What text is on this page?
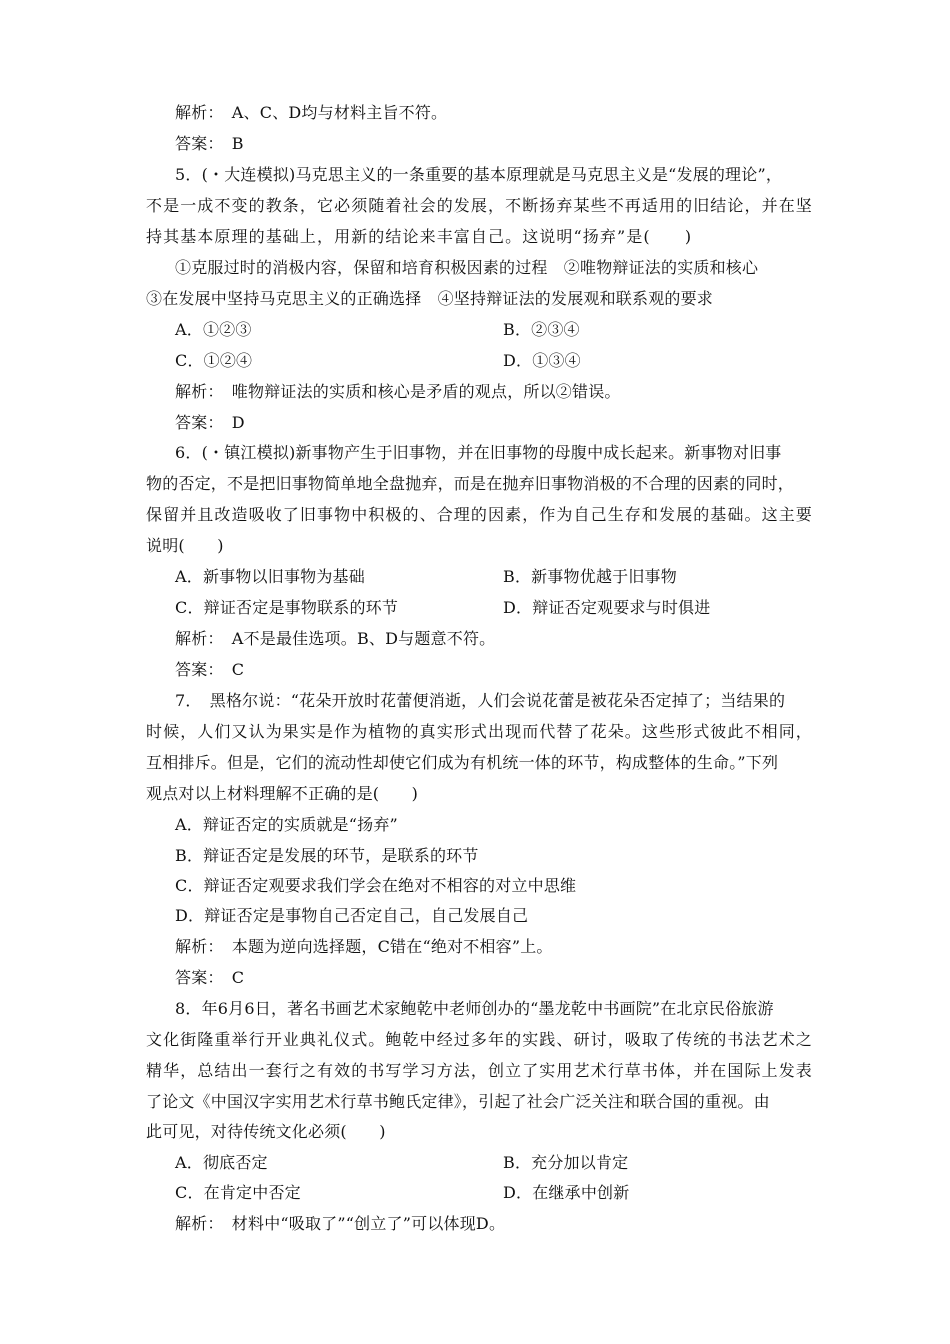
解析：　A、C、D均与材料主旨不符。
答案：　B
5．(・大连模拟)马克思主义的一条重要的基本原理就是马克思主义是“发展的理论”，
不是一成不变的教条，它必须随着社会的发展，不断扬弃某些不再适用的旧结论，并在坚
持其基本原理的基础上，用新的结论来丰富自己。这说明“扬弃”是(　　)
①克服过时的消极内容，保留和培育积极因素的过程　②唯物辩证法的实质和核心
③在发展中坚持马克思主义的正确选择　④坚持辩证法的发展观和联系观的要求
A．①②③	B．②③④
C．①②④	D．①③④
解析：　唯物辩证法的实质和核心是矛盾的观点，所以②错误。
答案：　D
6．(・镇江模拟)新事物产生于旧事物，并在旧事物的母腹中成长起来。新事物对旧事
物的否定，不是把旧事物简单地全盘抛弃，而是在抛弃旧事物消极的不合理的因素的同时，
保留并且改造吸收了旧事物中积极的、合理的因素，作为自己生存和发展的基础。这主要
说明(　　)
A．新事物以旧事物为基础	B．新事物优越于旧事物
C．辩证否定是事物联系的环节	D．辩证否定观要求与时俱进
解析：　A不是最佳选项。B、D与题意不符。
答案：　C
7．　黑格尔说：“花朵开放时花蕾便消逝，人们会说花蕾是被花朵否定掉了；当结果的
时候，人们又认为果实是作为植物的真实形式出现而代替了花朵。这些形式彼此不相同，
互相排斥。但是，它们的流动性却使它们成为有机统一体的环节，构成整体的生命。”下列
观点对以上材料理解不正确的是(　　)
A．辩证否定的实质就是“扬弃”
B．辩证否定是发展的环节，是联系的环节
C．辩证否定观要求我们学会在绝对不相容的对立中思维
D．辩证否定是事物自己否定自己，自己发展自己
解析：　本题为逆向选择题，C错在“绝对不相容”上。
答案：　C
8．年6月6日，著名书画艺术家鲍乾中老师创办的“墨龙乾中书画院”在北京民俗旅游
文化街隆重举行开业典礼仪式。鲍乾中经过多年的实践、研讨，吸取了传统的书法艺术之
精华，总结出一套行之有效的书写学习方法，创立了实用艺术行草书体，并在国际上发表
了论文《中国汉字实用艺术行草书鲍氏定律》，引起了社会广泛关注和联合国的重视。由
此可见，对待传统文化必须(　　)
A．彻底否定	B．充分加以肯定
C．在肯定中否定	D．在继承中创新
解析：　材料中“吸取了”“创立了”可以体现D。
